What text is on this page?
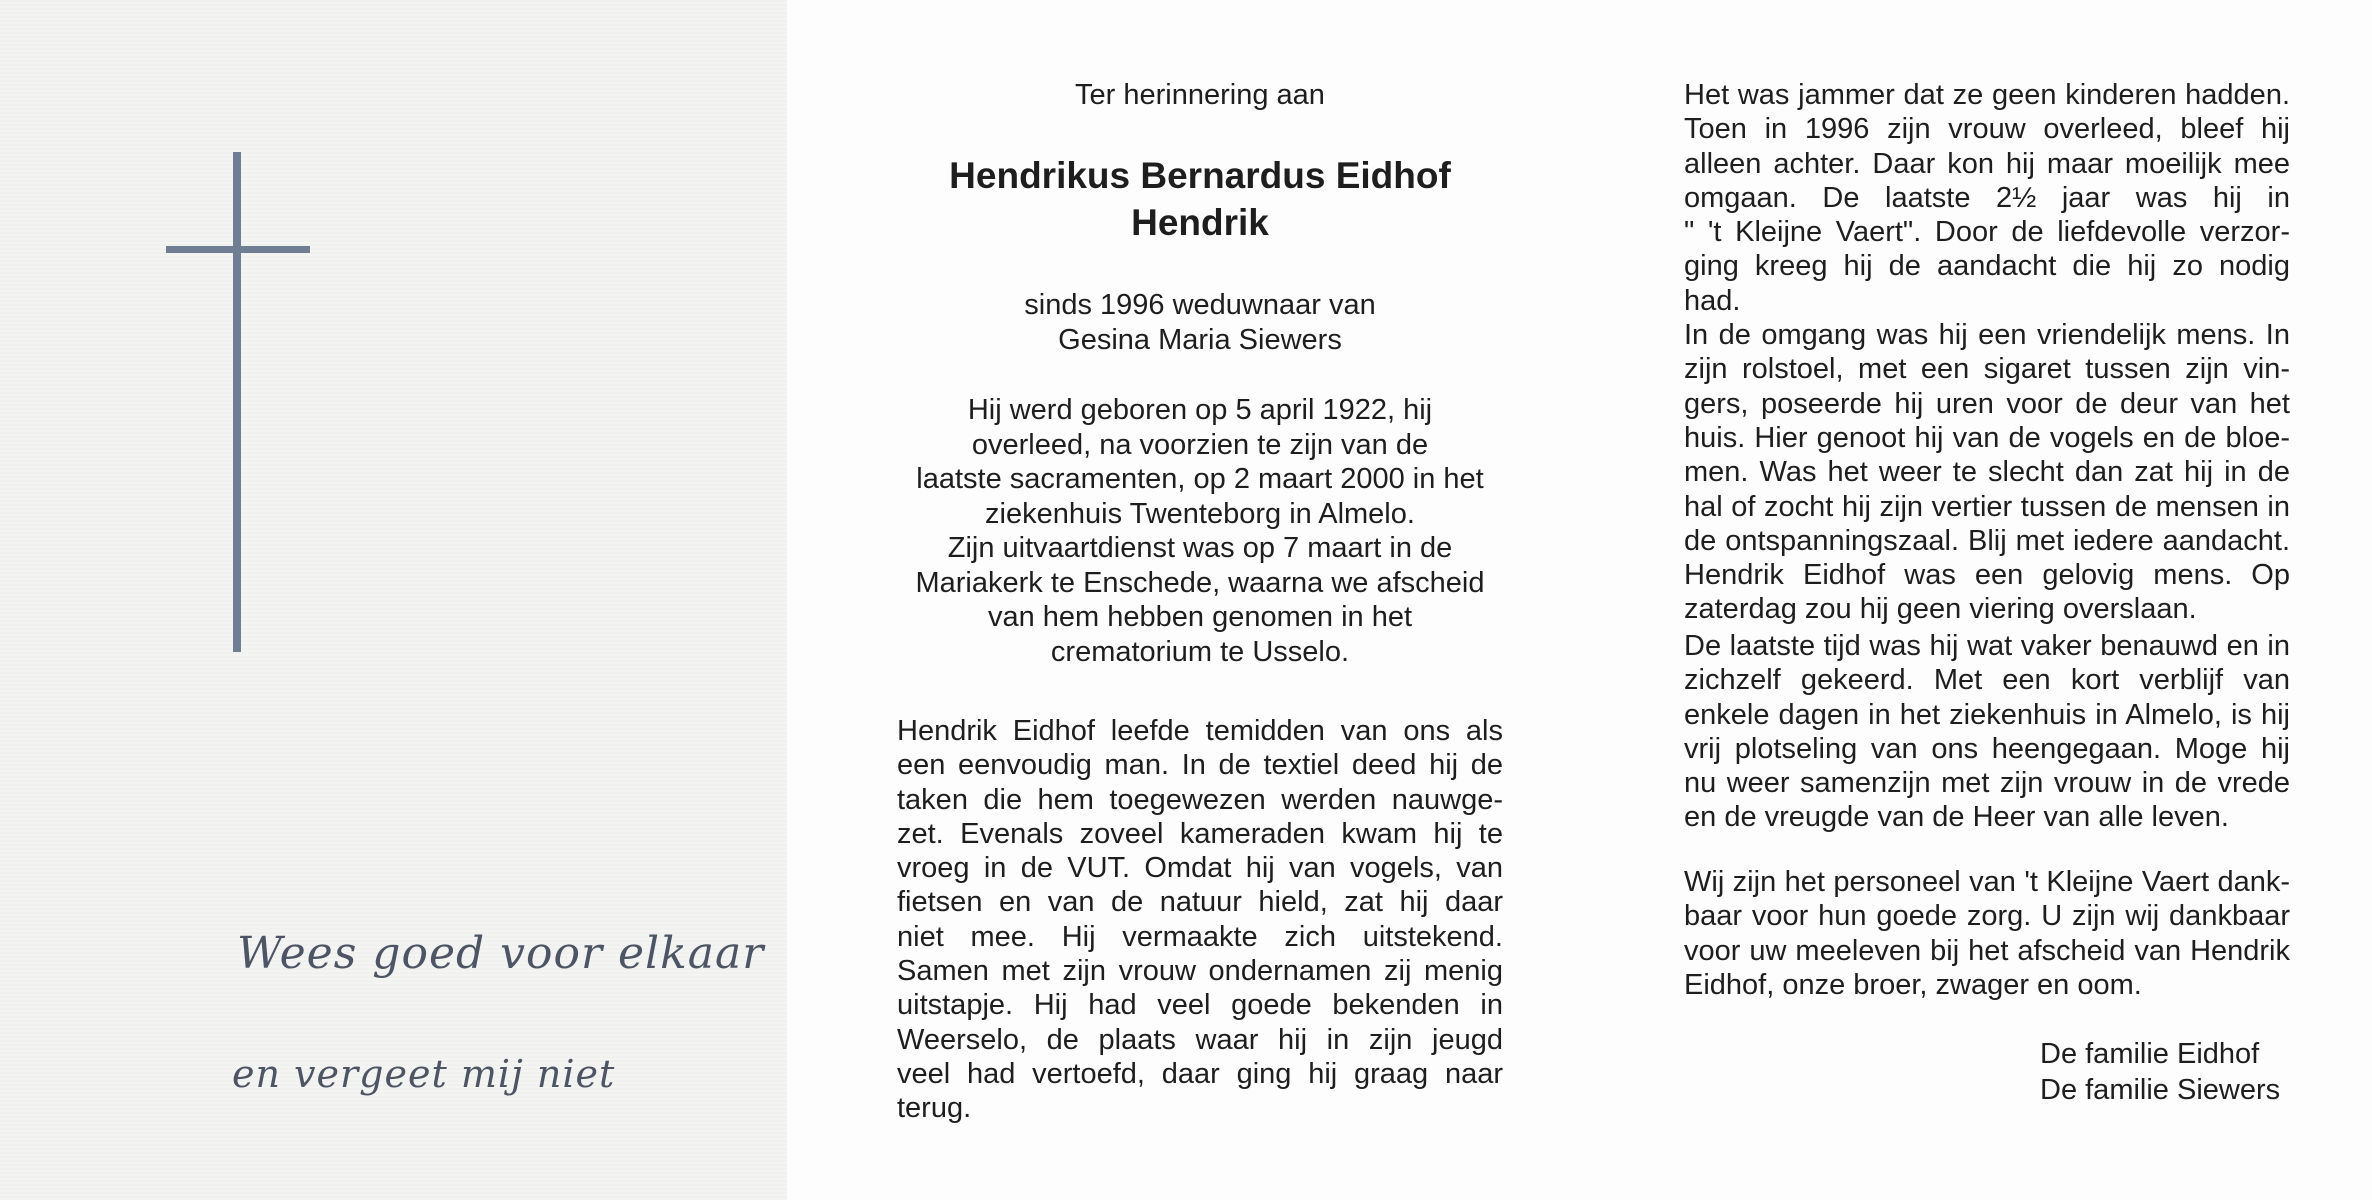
Wees goed voor elkaar
en vergeet mij niet
Ter herinnering aan
Hendrikus Bernardus Eidhof
Hendrik
sinds 1996 weduwnaar van
Gesina Maria Siewers
Hij werd geboren op 5 april 1922, hij
overleed, na voorzien te zijn van de
laatste sacramenten, op 2 maart 2000 in het
ziekenhuis Twenteborg in Almelo.
Zijn uitvaartdienst was op 7 maart in de
Mariakerk te Enschede, waarna we afscheid
van hem hebben genomen in het
crematorium te Usselo.
Hendrik Eidhof leefde temidden van ons als
een eenvoudig man. In de textiel deed hij de
taken die hem toegewezen werden nauwge-
zet. Evenals zoveel kameraden kwam hij te
vroeg in de VUT. Omdat hij van vogels, van
fietsen en van de natuur hield, zat hij daar
niet mee. Hij vermaakte zich uitstekend.
Samen met zijn vrouw ondernamen zij menig
uitstapje. Hij had veel goede bekenden in
Weerselo, de plaats waar hij in zijn jeugd
veel had vertoefd, daar ging hij graag naar
terug.
Het was jammer dat ze geen kinderen hadden.
Toen in 1996 zijn vrouw overleed, bleef hij
alleen achter. Daar kon hij maar moeilijk mee
omgaan. De laatste 2½ jaar was hij in
" 't Kleijne Vaert". Door de liefdevolle verzor-
ging kreeg hij de aandacht die hij zo nodig had.
In de omgang was hij een vriendelijk mens. In
zijn rolstoel, met een sigaret tussen zijn vin-
gers, poseerde hij uren voor de deur van het
huis. Hier genoot hij van de vogels en de bloe-
men. Was het weer te slecht dan zat hij in de
hal of zocht hij zijn vertier tussen de mensen in
de ontspanningszaal. Blij met iedere aandacht.
Hendrik Eidhof was een gelovig mens. Op
zaterdag zou hij geen viering overslaan.
De laatste tijd was hij wat vaker benauwd en in
zichzelf gekeerd. Met een kort verblijf van
enkele dagen in het ziekenhuis in Almelo, is hij
vrij plotseling van ons heengegaan. Moge hij
nu weer samenzijn met zijn vrouw in de vrede
en de vreugde van de Heer van alle leven.
Wij zijn het personeel van 't Kleijne Vaert dank-
baar voor hun goede zorg. U zijn wij dankbaar
voor uw meeleven bij het afscheid van Hendrik
Eidhof, onze broer, zwager en oom.
De familie Eidhof
De familie Siewers
